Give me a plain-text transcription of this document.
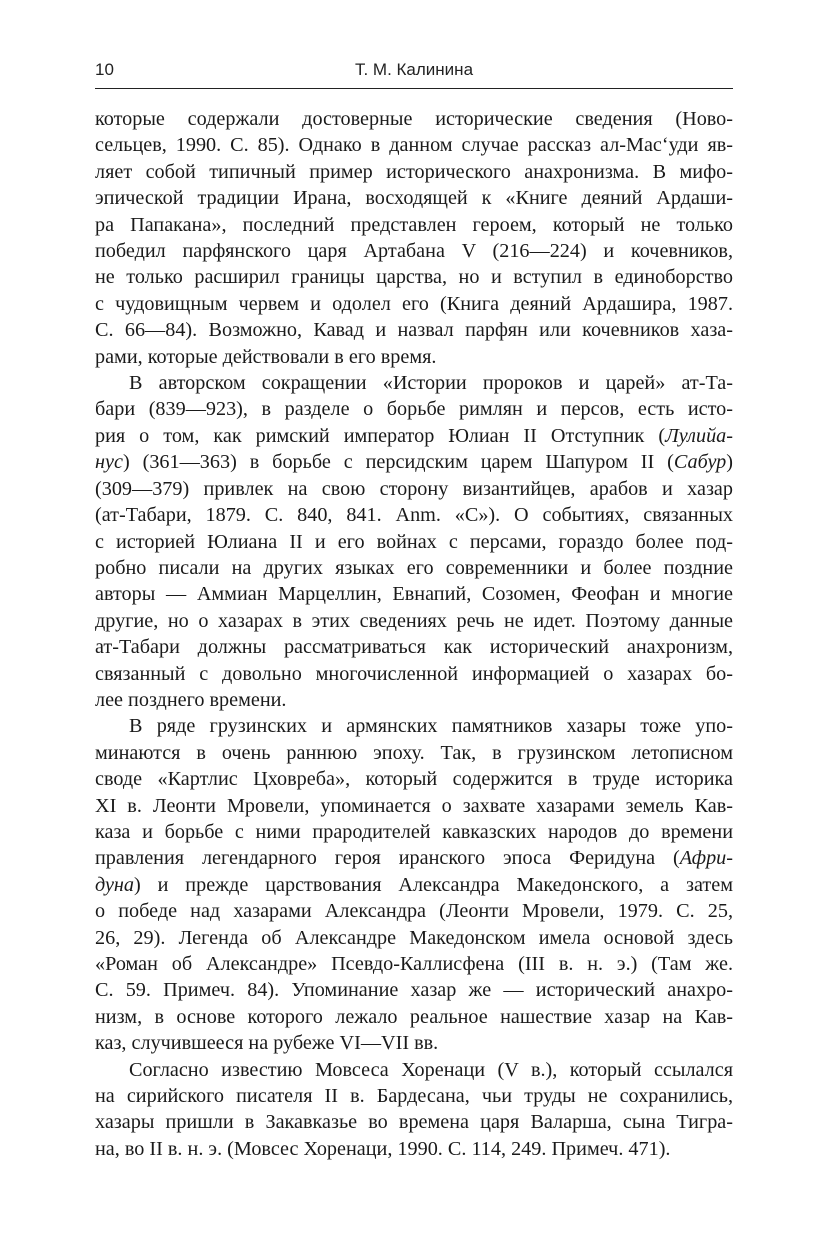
10	Т. М. Калинина

которые содержали достоверные исторические сведения (Ново-
сельцев, 1990. С. 85). Однако в данном случае рассказ ал-Мас‘уди яв-
ляет собой типичный пример исторического анахронизма. В мифо-
эпической традиции Ирана, восходящей к «Книге деяний Ардаши-
ра Папакана», последний представлен героем, который не только
победил парфянского царя Артабана V (216—224) и кочевников,
не только расширил границы царства, но и вступил в единоборство
с чудовищным червем и одолел его (Книга деяний Ардашира, 1987.
С. 66—84). Возможно, Кавад и назвал парфян или кочевников хаза-
рами, которые действовали в его время.

В авторском сокращении «Истории пророков и царей» ат-Та-
бари (839—923), в разделе о борьбе римлян и персов, есть исто-
рия о том, как римский император Юлиан II Отступник (Лулийа-
нус) (361—363) в борьбе с персидским царем Шапуром II (Сабур)
(309—379) привлек на свою сторону византийцев, арабов и хазар
(ат-Табари, 1879. С. 840, 841. Anm. «С»). О событиях, связанных
с историей Юлиана II и его войнах с персами, гораздо более под-
робно писали на других языках его современники и более поздние
авторы — Аммиан Марцеллин, Евнапий, Созомен, Феофан и многие
другие, но о хазарах в этих сведениях речь не идет. Поэтому данные
ат-Табари должны рассматриваться как исторический анахронизм,
связанный с довольно многочисленной информацией о хазарах бо-
лее позднего времени.

В ряде грузинских и армянских памятников хазары тоже упо-
минаются в очень раннюю эпоху. Так, в грузинском летописном
своде «Картлис Цховреба», который содержится в труде историка
XI в. Леонти Мровели, упоминается о захвате хазарами земель Кав-
каза и борьбе с ними прародителей кавказских народов до времени
правления легендарного героя иранского эпоса Феридуна (Афри-
дуна) и прежде царствования Александра Македонского, а затем
о победе над хазарами Александра (Леонти Мровели, 1979. С. 25,
26, 29). Легенда об Александре Македонском имела основой здесь
«Роман об Александре» Псевдо-Каллисфена (III в. н. э.) (Там же.
С. 59. Примеч. 84). Упоминание хазар же — исторический анахро-
низм, в основе которого лежало реальное нашествие хазар на Кав-
каз, случившееся на рубеже VI—VII вв.

Согласно известию Мовсеса Хоренаци (V в.), который ссылался
на сирийского писателя II в. Бардесана, чьи труды не сохранились,
хазары пришли в Закавказье во времена царя Валарша, сына Тигра-
на, во II в. н. э. (Мовсес Хоренаци, 1990. С. 114, 249. Примеч. 471).
